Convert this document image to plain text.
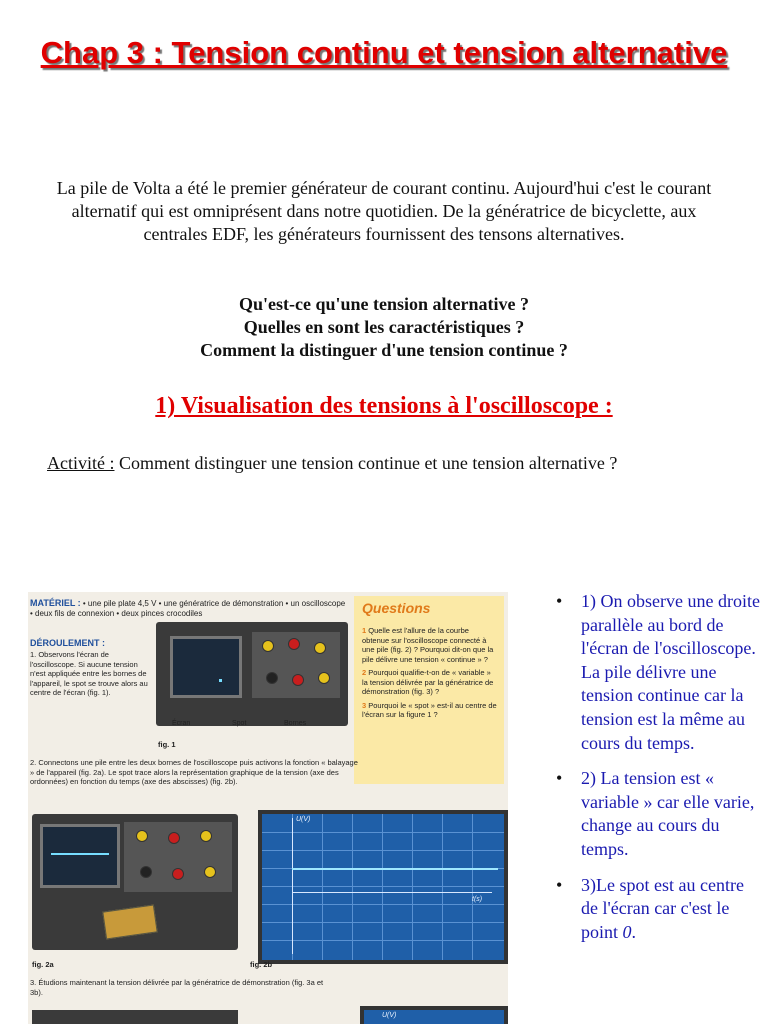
Chap 3 : Tension continu et tension alternative

La pile de Volta a été le premier générateur de courant continu. Aujourd'hui c'est le courant alternatif qui est omniprésent dans notre quotidien. De la génératrice de bicyclette, aux centrales EDF, les générateurs fournissent des tensons alternatives.

Qu'est-ce qu'une tension alternative ?
Quelles en sont les caractéristiques ?
Comment la distinguer d'une tension continue ?
1) Visualisation des tensions à l'oscilloscope :
Activité : Comment distinguer une tension continue et une tension alternative ?
MATÉRIEL : • une pile plate 4,5 V • une génératrice de démonstration • un oscilloscope • deux fils de connexion • deux pinces crocodiles
DÉROULEMENT :
1. Observons l'écran de l'oscilloscope. Si aucune tension n'est appliquée entre les bornes de l'appareil, le spot se trouve alors au centre de l'écran (fig. 1).
Écran	Spot	Bornes
fig. 1
Questions
1 Quelle est l'allure de la courbe obtenue sur l'oscilloscope connecté à une pile (fig. 2) ? Pourquoi dit-on que la pile délivre une tension « continue » ?
2 Pourquoi qualifie-t-on de « variable » la tension délivrée par la génératrice de démonstration (fig. 3) ?
3 Pourquoi le « spot » est-il au centre de l'écran sur la figure 1 ?
2. Connectons une pile entre les deux bornes de l'oscilloscope puis activons la fonction « balayage » de l'appareil (fig. 2a). Le spot trace alors la représentation graphique de la tension (axe des ordonnées) en fonction du temps (axe des abscisses) (fig. 2b).
fig. 2a
U(V)
t(s)
fig. 2b
3. Étudions maintenant la tension délivrée par la génératrice de démonstration (fig. 3a et 3b).
U(V)
• 1) On observe une droite parallèle au bord de l'écran de l'oscilloscope. La pile délivre une tension continue car la tension est la même au cours du temps.
• 2) La tension est « variable » car elle varie, change au cours du temps.
• 3)Le spot est au centre de l'écran car c'est le point 0.
